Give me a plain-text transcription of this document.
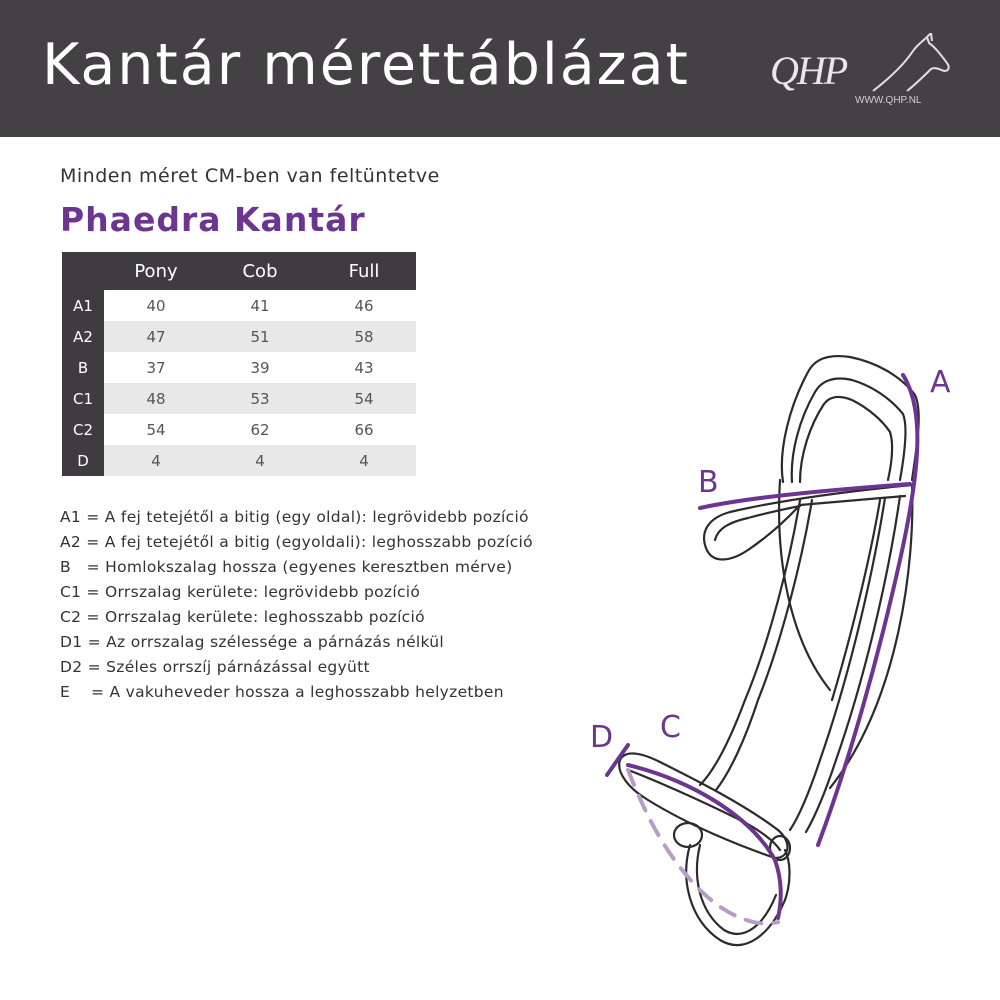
Kantár mérettáblázat QHP
WWW.QHP.NL

Minden méret CM-ben van feltüntetve

Phaedra Kantár
	Pony	Cob	Full
A1	40	41	46
A2	47	51	58
B	37	39	43
C1	48	53	54
C2	54	62	66
D	4	4	4
A1 = A fej tetejétől a bitig (egy oldal): legrövidebb pozíció
A2 = A fej tetejétől a bitig (egyoldali): leghosszabb pozíció
B   = Homlokszalag hossza (egyenes keresztben mérve)
C1 = Orrszalag kerülete: legrövidebb pozíció
C2 = Orrszalag kerülete: leghosszabb pozíció
D1 = Az orrszalag szélessége a párnázás nélkül
D2 = Széles orrszíj párnázással együtt
E    = A vakuheveder hossza a leghosszabb helyzetben
A
B
C
D
